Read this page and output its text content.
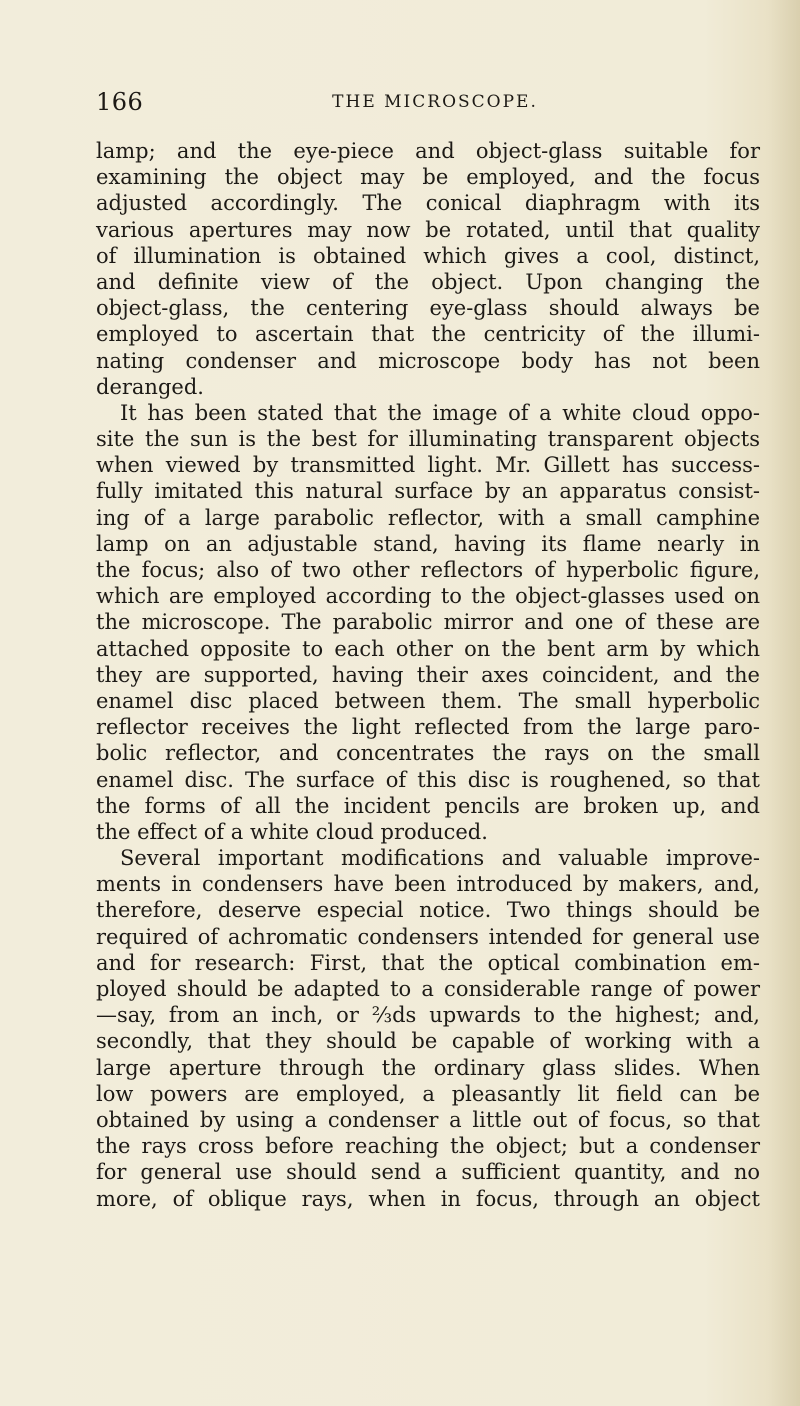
166	THE MICROSCOPE.
lamp; and the eye-piece and object-glass suitable for
examining the object may be employed, and the focus
adjusted accordingly. The conical diaphragm with its
various apertures may now be rotated, until that quality
of illumination is obtained which gives a cool, distinct,
and definite view of the object. Upon changing the
object-glass, the centering eye-glass should always be
employed to ascertain that the centricity of the illumi-
nating condenser and microscope body has not been
deranged.
It has been stated that the image of a white cloud oppo-
site the sun is the best for illuminating transparent objects
when viewed by transmitted light. Mr. Gillett has success-
fully imitated this natural surface by an apparatus consist-
ing of a large parabolic reflector, with a small camphine
lamp on an adjustable stand, having its flame nearly in
the focus; also of two other reflectors of hyperbolic figure,
which are employed according to the object-glasses used on
the microscope. The parabolic mirror and one of these are
attached opposite to each other on the bent arm by which
they are supported, having their axes coincident, and the
enamel disc placed between them. The small hyperbolic
reflector receives the light reflected from the large paro-
bolic reflector, and concentrates the rays on the small
enamel disc. The surface of this disc is roughened, so that
the forms of all the incident pencils are broken up, and
the effect of a white cloud produced.
Several important modifications and valuable improve-
ments in condensers have been introduced by makers, and,
therefore, deserve especial notice. Two things should be
required of achromatic condensers intended for general use
and for research: First, that the optical combination em-
ployed should be adapted to a considerable range of power
—say, from an inch, or ⅔ds upwards to the highest; and,
secondly, that they should be capable of working with a
large aperture through the ordinary glass slides. When
low powers are employed, a pleasantly lit field can be
obtained by using a condenser a little out of focus, so that
the rays cross before reaching the object; but a condenser
for general use should send a sufficient quantity, and no
more, of oblique rays, when in focus, through an object
